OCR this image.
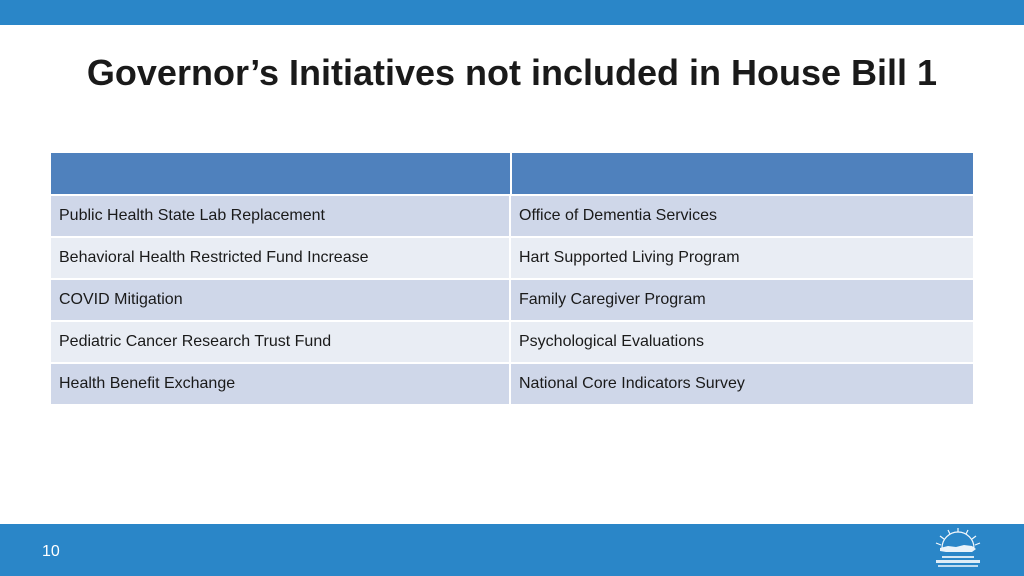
Governor’s Initiatives not included in House Bill 1
Public Health State Lab Replacement	Office of Dementia Services
Behavioral Health Restricted Fund Increase	Hart Supported Living Program
COVID Mitigation	Family Caregiver Program
Pediatric Cancer Research Trust Fund	Psychological Evaluations
Health Benefit Exchange	National Core Indicators Survey
10
